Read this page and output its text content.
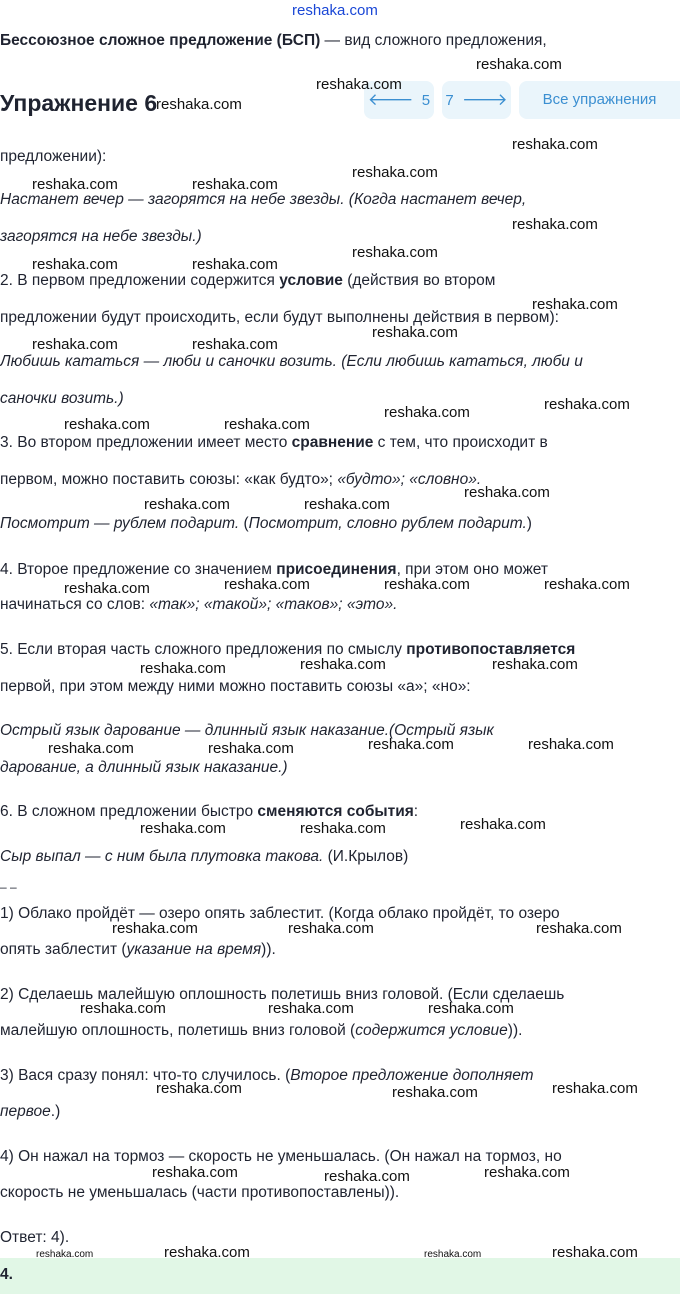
reshaka.com
Бессоюзное сложное предложение (БСП) — вид сложного предложения,
Упражнение 6	🡐 5 7 🡒	Все упражнения
предложении):
Настанет вечер — загорятся на небе звезды. (Когда настанет вечер,
загорятся на небе звезды.)
2. В первом предложении содержится условие (действия во втором
предложении будут происходить, если будут выполнены действия в первом):
Любишь кататься — люби и саночки возить. (Если любишь кататься, люби и
саночки возить.)
3. Во втором предложении имеет место сравнение с тем, что происходит в
первом, можно поставить союзы: «как будто»; «будто»; «словно».
Посмотрит — рублем подарит. (Посмотрит, словно рублем подарит.)
4. Второе предложение со значением присоединения, при этом оно может
начинаться со слов: «так»; «такой»; «таков»; «это».
5. Если вторая часть сложного предложения по смыслу противопоставляется
первой, при этом между ними можно поставить союзы «а»; «но»:
Острый язык дарование — длинный язык наказание.(Острый язык
дарование, а длинный язык наказание.)
6. В сложном предложении быстро сменяются события:
Сыр выпал — с ним была плутовка такова. (И.Крылов)
– –
1) Облако пройдёт — озеро опять заблестит. (Когда облако пройдёт, то озеро
опять заблестит (указание на время)).
2) Сделаешь малейшую оплошность полетишь вниз головой. (Если сделаешь
малейшую оплошность, полетишь вниз головой (содержится условие)).
3) Вася сразу понял: что-то случилось. (Второе предложение дополняет
первое.)
4) Он нажал на тормоз — скорость не уменьшалась. (Он нажал на тормоз, но
скорость не уменьшалась (части противопоставлены)).
Ответ: 4).
4.
reshaka.com
reshaka.com
reshaka.com
reshaka.com
reshaka.com
reshaka.com	reshaka.com
reshaka.com
reshaka.com
reshaka.com	reshaka.com
reshaka.com
reshaka.com
reshaka.com	reshaka.com
reshaka.com
reshaka.com
reshaka.com	reshaka.com
reshaka.com
reshaka.com	reshaka.com
reshaka.com	reshaka.com	reshaka.com
reshaka.com
reshaka.com	reshaka.com
reshaka.com
reshaka.com	reshaka.com
reshaka.com	reshaka.com
reshaka.com
reshaka.com	reshaka.com
reshaka.com	reshaka.com	reshaka.com
reshaka.com	reshaka.com	reshaka.com
reshaka.com	reshaka.com
reshaka.com
reshaka.com	reshaka.com
reshaka.com
reshaka.com	reshaka.com	reshaka.com	reshaka.com
